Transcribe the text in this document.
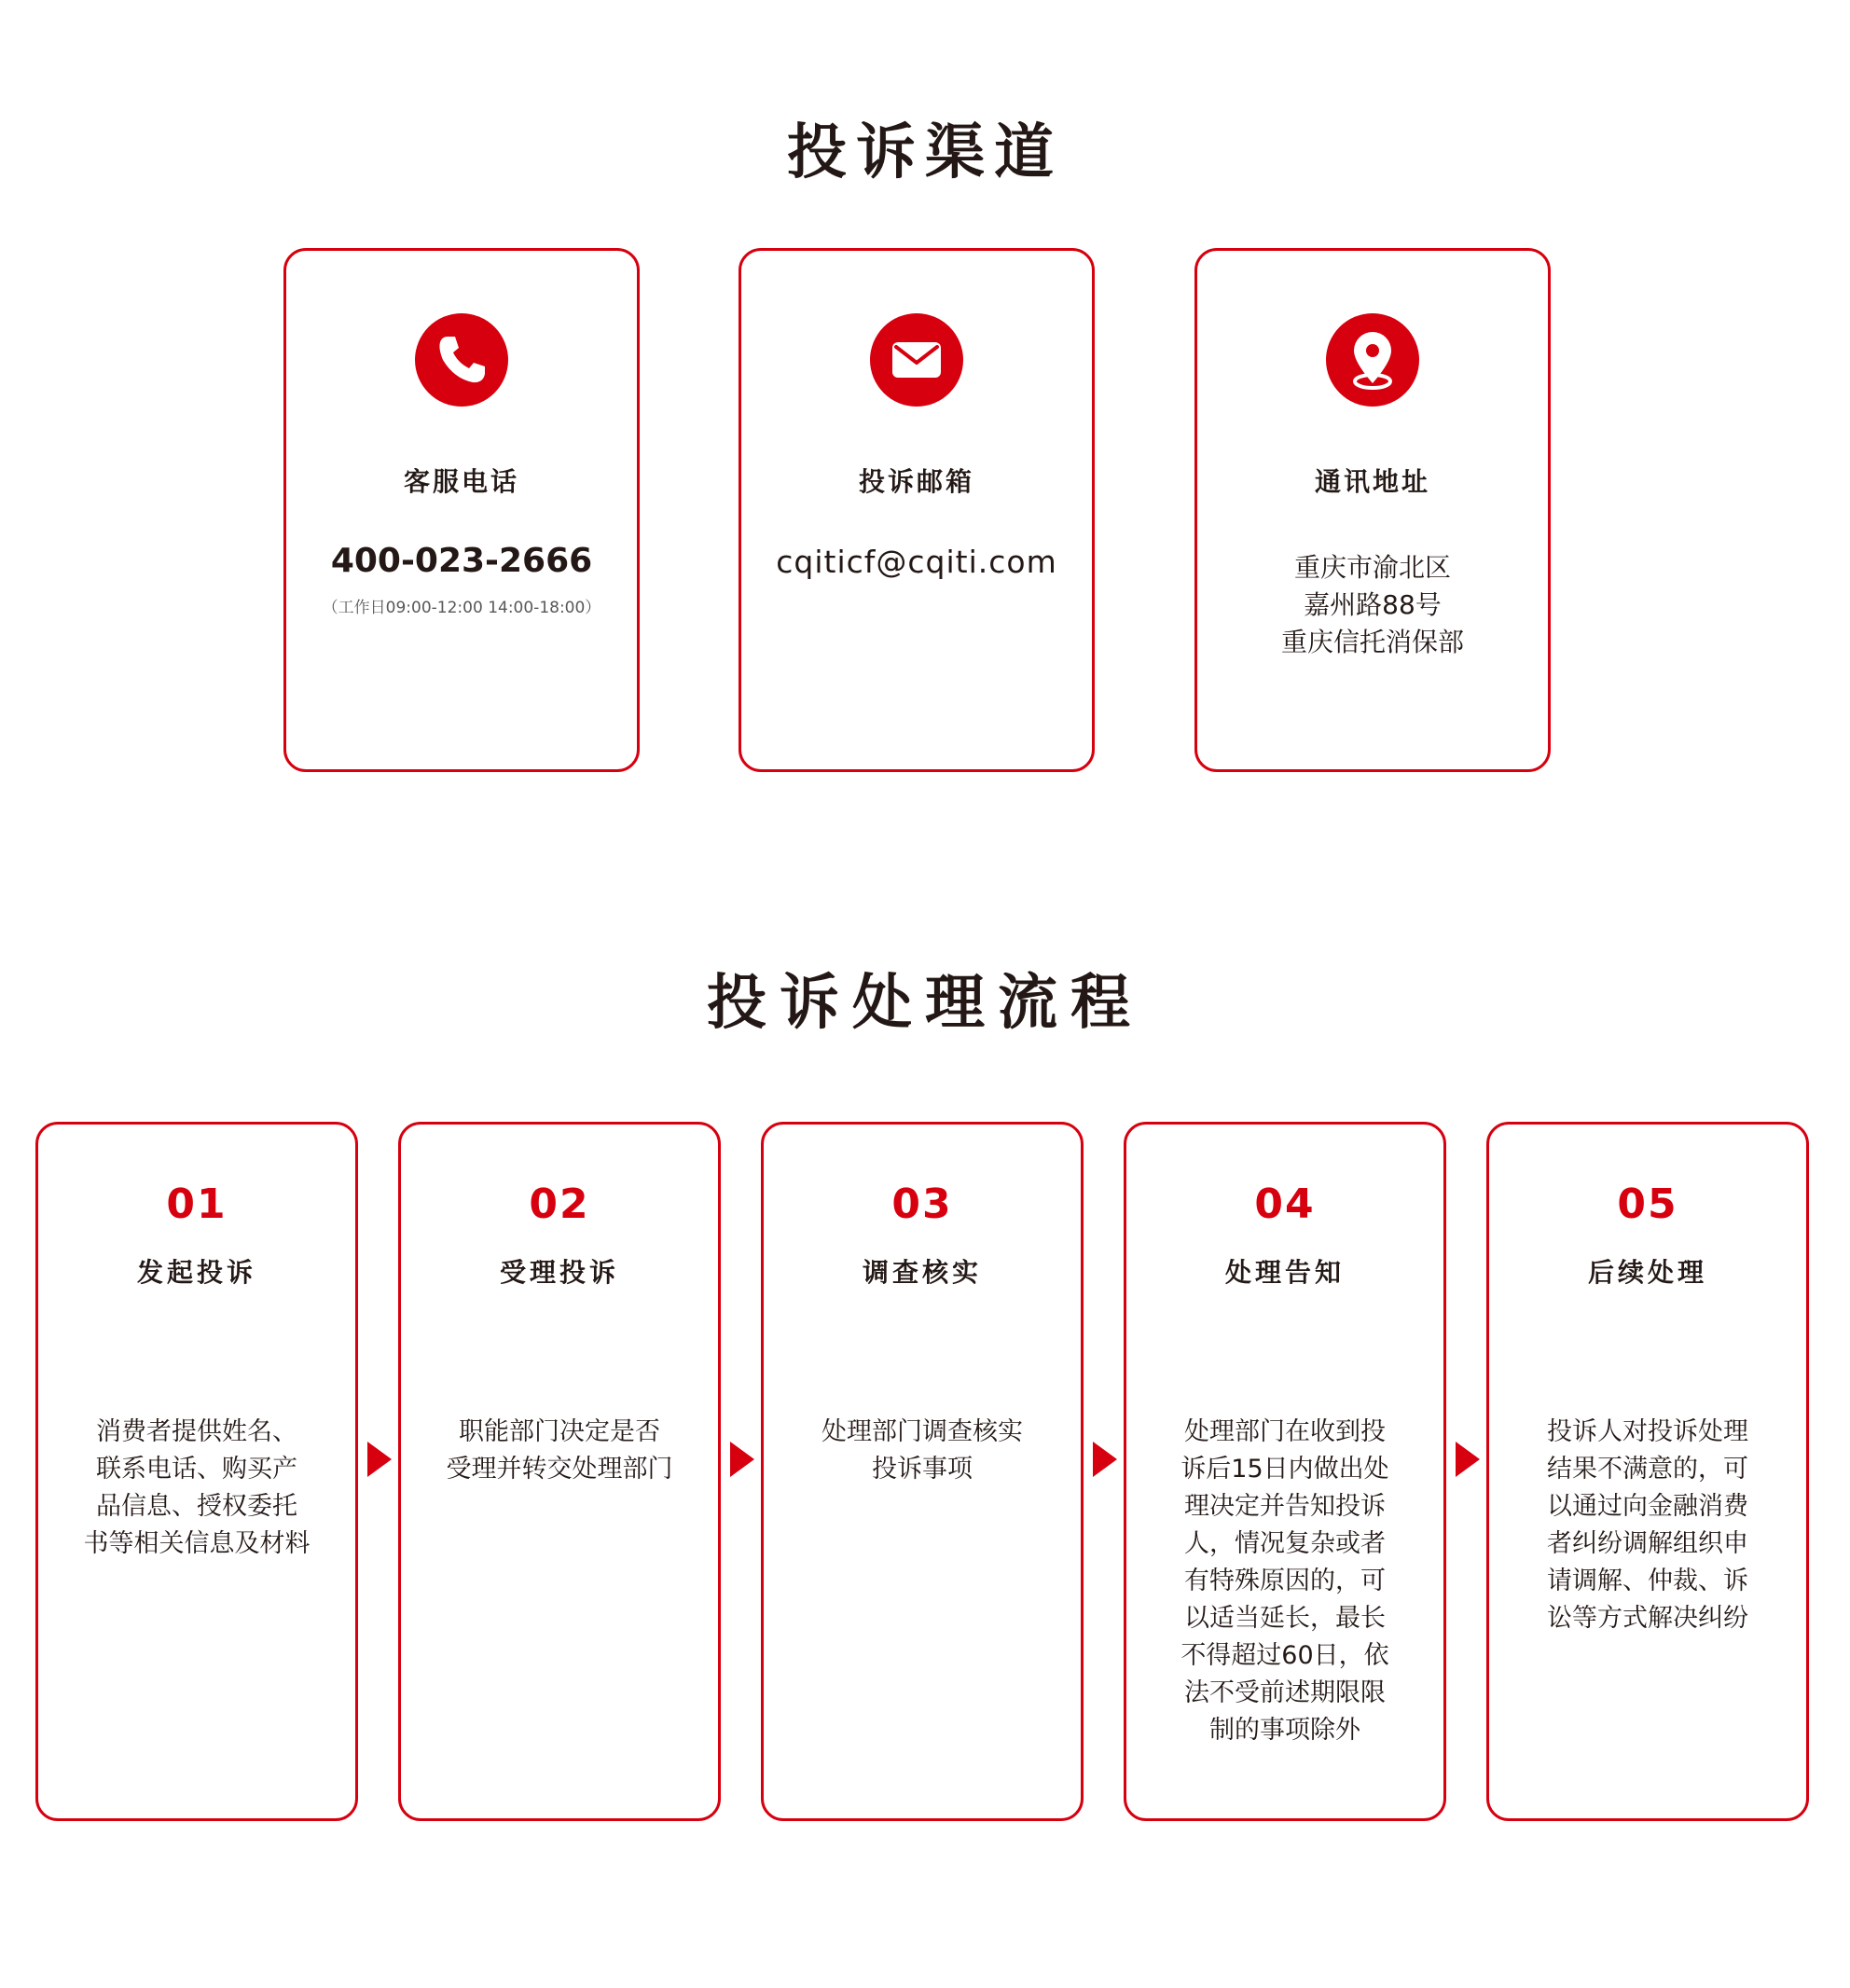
投诉渠道
客服电话
400-023-2666
（工作日09:00-12:00 14:00-18:00）
投诉邮箱
cqiticf@cqiti.com
通讯地址
重庆市渝北区
嘉州路88号
重庆信托消保部
投诉处理流程
01
发起投诉
消费者提供姓名、
联系电话、购买产
品信息、授权委托
书等相关信息及材料
02
受理投诉
职能部门决定是否
受理并转交处理部门
03
调查核实
处理部门调查核实
投诉事项
04
处理告知
处理部门在收到投
诉后15日内做出处
理决定并告知投诉
人，情况复杂或者
有特殊原因的，可
以适当延长，最长
不得超过60日，依
法不受前述期限限
制的事项除外
05
后续处理
投诉人对投诉处理
结果不满意的，可
以通过向金融消费
者纠纷调解组织申
请调解、仲裁、诉
讼等方式解决纠纷
